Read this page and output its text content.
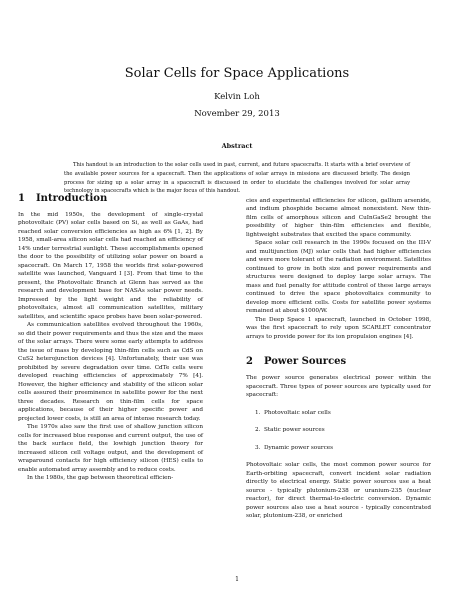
Solar Cells for Space Applications
Kelvin Loh
November 29, 2013
Abstract

This handout is an introduction to the solar cells used in past, current, and future spacecrafts. It starts with a brief overview of the available power sources for a spacecraft. Then the applications of solar arrays in missions are discussed briefly. The design process for sizing up a solar array in a spacecraft is discussed in order to elucidate the challenges involved for solar array technology in spacecrafts which is the major focus of this handout.

1 Introduction

In the mid 1950s, the development of single-crystal photovoltaic (PV) solar cells based on Si, as well as GaAs, had reached solar conversion efficiencies as high as 6% [1, 2]. By 1958, small-area silicon solar cells had reached an efficiency of 14% under terrestrial sunlight. These accomplishments opened the door to the possibility of utilizing solar power on board a spacecraft. On March 17, 1958 the worlds first solar-powered satellite was launched, Vanguard I [3]. From that time to the present, the Photovoltaic Branch at Glenn has served as the research and development base for NASAs solar power needs. Impressed by the light weight and the reliability of photovoltaics, almost all communication satellites, military satellites, and scientific space probes have been solar-powered.

As communication satellites evolved throughout the 1960s, so did their power requirements and thus the size and the mass of the solar arrays. There were some early attempts to address the issue of mass by developing thin-film cells such as CdS on CuS2 heterojunction devices [4]. Unfortunately, their use was prohibited by severe degradation over time. CdTe cells were developed reaching efficiencies of approximately 7% [4]. However, the higher efficiency and stability of the silicon solar cells assured their preeminence in satellite power for the next three decades. Research on thin-film cells for space applications, because of their higher specific power and projected lower costs, is still an area of intense research today.

The 1970s also saw the first use of shallow junction silicon cells for increased blue response and current output, the use of the back surface field, the lowhigh junction theory for increased silicon cell voltage output, and the development of wraparound contacts for high efficiency silicon (HES) cells to enable automated array assembly and to reduce costs.

In the 1980s, the gap between theoretical efficien-

cies and experimental efficiencies for silicon, gallium arsenide, and indium phosphide became almost nonexistent. New thin-film cells of amorphous silicon and CuInGaSe2 brought the possibility of higher thin-film efficiencies and flexible, lightweight substrates that excited the space community.

Space solar cell research in the 1990s focused on the III-V and multijunction (MJ) solar cells that had higher efficiencies and were more tolerant of the radiation environment. Satellites continued to grow in both size and power requirements and structures were designed to deploy large solar arrays. The mass and fuel penalty for attitude control of these large arrays continued to drive the space photovoltaics community to develop more efficient cells. Costs for satellite power systems remained at about $1000/W.

The Deep Space 1 spacecraft, launched in October 1998, was the first spacecraft to rely upon SCARLET concentrator arrays to provide power for its ion propulsion engines [4].

2 Power Sources

The power source generates electrical power within the spacecraft. Three types of power sources are typically used for spacecraft:

1. Photovoltaic solar cells
2. Static power sources
3. Dynamic power sources

Photovoltaic solar cells, the most common power source for Earth-orbiting spacecraft, convert incident solar radiation directly to electrical energy. Static power sources use a heat source - typically plutonium-238 or uranium-235 (nuclear reactor), for direct thermal-to-electric conversion. Dynamic power sources also use a heat source - typically concentrated solar, plutonium-238, or enriched

1
